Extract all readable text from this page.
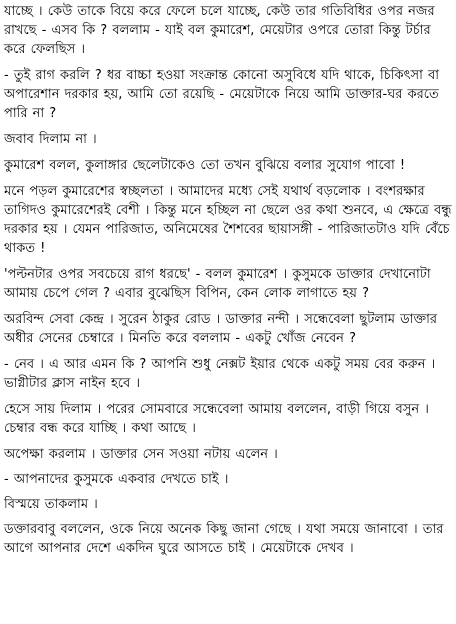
যাচ্ছে । কেউ তাকে বিয়ে করে ফেলে চলে যাচ্ছে, কেউ তার গতিবিধির ওপর নজর রাখছে - এসব কি ? বললাম - যাই বল কুমারেশ, মেয়েটার ওপরে তোরা কিন্তু টর্চার করে ফেলছিস ।

- তুই রাগ করলি ? ধর বাচ্চা হওয়া সংক্রান্ত কোনো অসুবিধে যদি থাকে, চিকিৎসা বা অপারেশান দরকার হয়, আমি তো রয়েছি - মেয়েটাকে নিয়ে আমি ডাক্তার-ঘর করতে পারি না ?

জবাব দিলাম না ।

কুমারেশ বলল, কুলাঙ্গার ছেলেটাকেও তো তখন বুঝিয়ে বলার সুযোগ পাবো !

মনে পড়ল কুমারেশের স্বচ্ছলতা । আমাদের মধ্যে সেই যথার্থ বড়লোক । বংশরক্ষার তাগিদও কুমারেশেরই বেশী । কিন্তু মনে হচ্ছিল না ছেলে ওর কথা শুনবে, এ ক্ষেত্রে বন্ধু দরকার হয় । যেমন পারিজাত, অনিমেষের শৈশবের ছায়াসঙ্গী - পারিজাতটাও যদি বেঁচে থাকত !

'পল্টনটার ওপর সবচেয়ে রাগ ধরছে' - বলল কুমারেশ । কুসুমকে ডাক্তার দেখানোটা আমায় চেপে গেল ? এবার বুঝেছিস বিপিন, কেন লোক লাগাতে হয় ?

অরবিন্দ সেবা কেন্দ্র । সুরেন ঠাকুর রোড । ডাক্তার নন্দী । সন্ধেবেলা ছুটলাম ডাক্তার অধীর সেনের চেম্বারে । মিনতি করে বললাম - একটু খোঁজ নেবেন ?

- নেব । এ আর এমন কি ? আপনি শুধু নেক্সট ইয়ার থেকে একটু সময় বের করুন । ভাগ্নীটার ক্লাস নাইন হবে ।

হেসে সায় দিলাম । পরের সোমবারে সন্ধেবেলা আমায় বললেন, বাড়ী গিয়ে বসুন । চেম্বার বন্ধ করে যাচ্ছি । কথা আছে ।

অপেক্ষা করলাম । ডাক্তার সেন সওয়া নটায় এলেন ।

- আপনাদের কুসুমকে একবার দেখতে চাই ।

বিস্ময়ে তাকলাম ।

ডক্তারবাবু বললেন, ওকে নিয়ে অনেক কিছু জানা গেছে । যথা সময়ে জানাবো । তার আগে আপনার দেশে একদিন ঘুরে আসতে চাই । মেয়েটাকে দেখব ।
